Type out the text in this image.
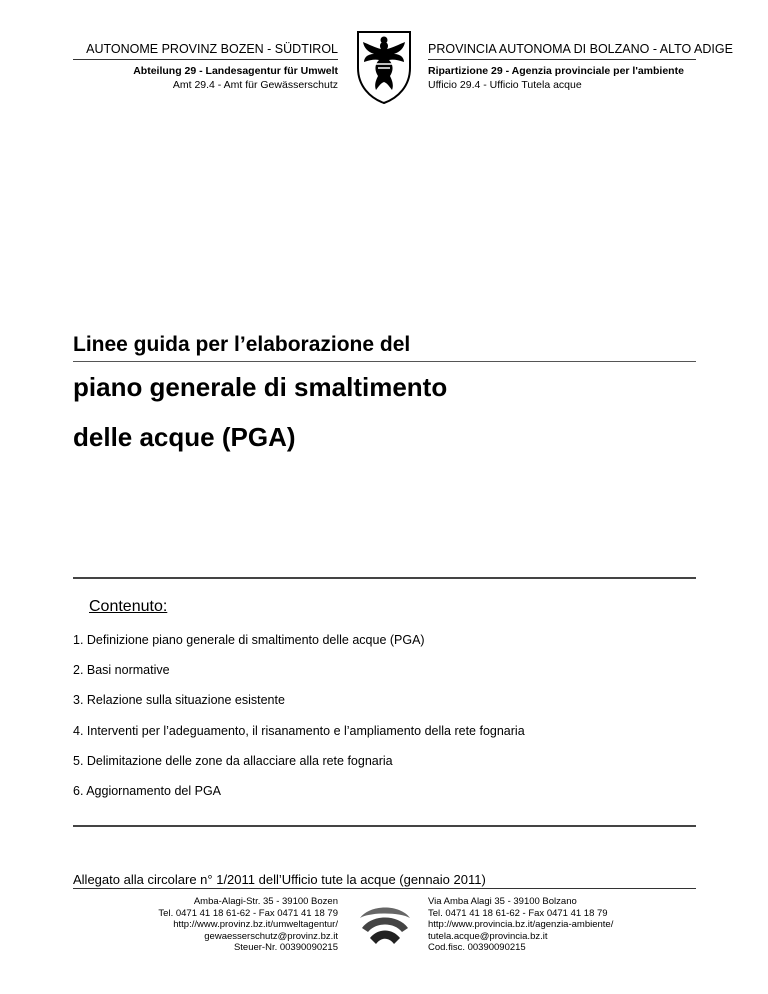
AUTONOME PROVINZ BOZEN - SÜDTIROL	PROVINCIA AUTONOMA DI BOLZANO - ALTO ADIGE
Abteilung 29 - Landesagentur für Umwelt
Amt 29.4 - Amt für Gewässerschutz
Ripartizione 29 - Agenzia provinciale per l'ambiente
Ufficio 29.4 - Ufficio Tutela acque
Linee guida per l’elaborazione del
piano generale di smaltimento
delle acque (PGA)
Contenuto:
1. Definizione piano generale di smaltimento delle acque (PGA)
2. Basi normative
3. Relazione sulla situazione esistente
4. Interventi per l’adeguamento, il risanamento e l’ampliamento della rete fognaria
5. Delimitazione delle zone da allacciare alla rete fognaria
6. Aggiornamento del PGA
Allegato alla circolare n° 1/2011 dell’Ufficio tute la acque (gennaio 2011)
Amba-Alagi-Str. 35 - 39100 Bozen
Tel. 0471 41 18 61-62 - Fax 0471 41 18 79
http://www.provinz.bz.it/umweltagentur/
gewaesserschutz@provinz.bz.it
Steuer-Nr. 00390090215
Via Amba Alagi 35 - 39100 Bolzano
Tel. 0471 41 18 61-62 - Fax 0471 41 18 79
http://www.provincia.bz.it/agenzia-ambiente/
tutela.acque@provincia.bz.it
Cod.fisc. 00390090215
